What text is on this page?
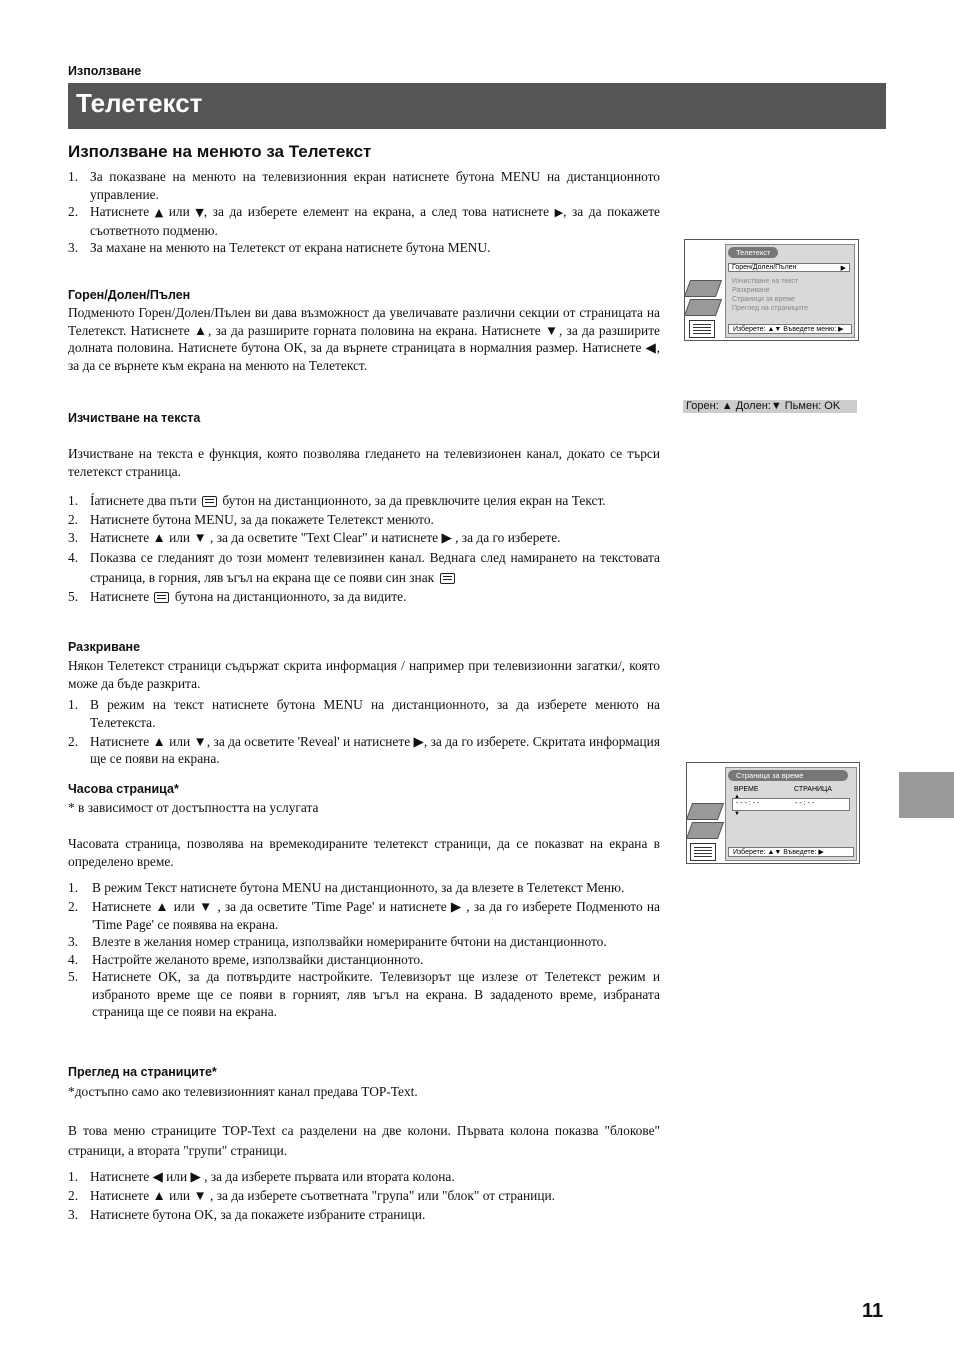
Използване
Телетекст
Използване на менюто за Телетекст
1. За показване на менюто на телевизионния екран натиснете бутона MENU на дистанционното управление.
2. Натиснете ▲ или ▼, за да изберете елемент на екрана, а след това натиснете ▶, за да покажете съответното подменю.
3. За махане на менюто на Телетекст от екрана натиснете бутона MENU.
Горен/Долен/Пълен
Подменюто Горен/Долен/Пълен ви дава възможност да увеличавате различни секции от страницата на Телетекст. Натиснете ▲, за да разширите горната половина на екрана. Натиснете ▼, за да разширите долната половина. Натиснете бутона OK, за да върнете страницата в нормалния размер. Натиснете ◀, за да се върнете към екрана на менюто на Телетекст.
Изчистване на текста
Изчистване на текста е функция, която позволява гледането на телевизионен канал, докато се търси телетекст страница.
1. Íатиснете два пъти  бутон на дистанционното, за да превключите целия екран на Текст.
2. Натиснете бутона MENU, за да покажете Телетекст менюто.
3. Натиснете ▲ или ▼ , за да осветите "Text Clear" и натиснете ▶ , за да го изберете.
4. Показва се гледаният до този момент телевизинен канал. Веднага след намирането на текстовата страница, в горния, ляв ъгъл на екрана ще се появи син знак
5. Натиснете  бутона на дистанционното, за да видите.
Разкриване
Някон Телетекст страници съдържат скрита информация / например при телевизионни загатки/, която може да бъде разкрита.
1. В режим на текст натиснете бутона MENU на дистанционното, за да изберете менюто на Телетекста.
2. Натиснете ▲ или ▼, за да осветите 'Reveal' и натиснете ▶, за да го изберете. Скритата информация ще се появи на екрана.
Часова страница*
* в зависимост от достъпността на услугата
Часовата страница, позволява на времекодираните телетекст страници, да се показват на екрана в определено време.
1. В режим Текст натиснете бутона MENU на дистанционното, за да влезете в Телетекст Меню.
2. Натиснете ▲ или ▼ , за да осветите 'Time Page' и натиснете ▶ , за да го изберете Подменюто на 'Time Page' се появява на екрана.
3. Влезте в желания номер страница, използвайки номерираните бчтони на дистанционното.
4. Настройте желаното време, използвайки дистанционното.
5. Натиснете OK, за да потвърдите настройките. Телевизорът ще излезе от Телетекст режим и избраното време ще се появи в горният, ляв ъгъл на екрана. В зададеното време, избраната страница ще се появи на екрана.
Преглед на страниците*
*достъпно само ако телевизионният канал предава TOP-Text.
В това меню страниците TOP-Text са разделени на две колони. Първата колона показва "блокове" страници, а втората "групи" страници.
1. Натиснете ◀ или ▶ , за да изберете първата или втората колона.
2. Натиснете ▲ или ▼ , за да изберете съответната "група" или "блок" от страници.
3. Натиснете бутона OK, за да покажете избраните страници.
Телетекст
Горен/Долен/Пълен	▶
Изчистване на текст
Разкриване
Страници за време
Преглед на страниците
Изберете: ▲▼ Въведете меню: ▶
Горен: ▲ Долен:▼ Пьмен: OK
Страница за време
ВРЕМЕ	СТРАНИЦА
- - - : - -	- - : - -
▲
▼
Изберете: ▲▼ Въведете: ▶
11
